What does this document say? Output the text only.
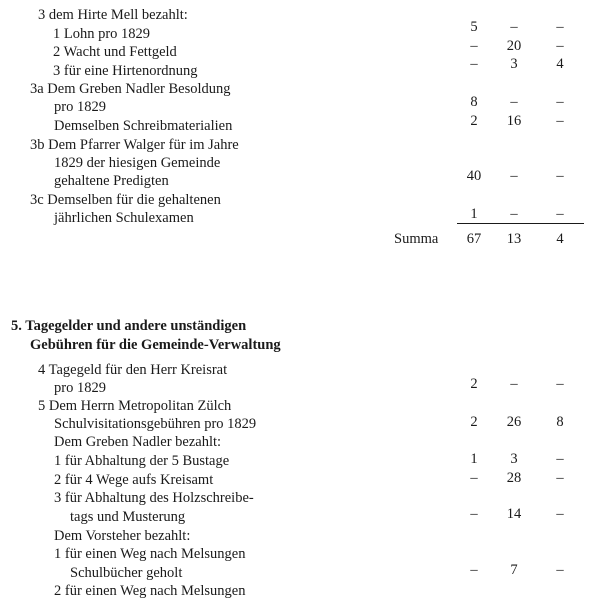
3 dem Hirte Mell bezahlt:
1 Lohn pro 1829	5	–	–
2 Wacht und Fettgeld	–	20	–
3 für eine Hirtenordnung	–	3	4
3a Dem Greben Nadler Besoldung
pro 1829	8	–	–
Demselben Schreibmaterialien	2	16	–
3b Dem Pfarrer Walger für im Jahre
1829 der hiesigen Gemeinde
gehaltene Predigten	40	–	–
3c Demselben für die gehaltenen
jährlichen Schulexamen	1	–	–
Summa	67	13	4
5. Tagegelder und andere unständigen
Gebühren für die Gemeinde-Verwaltung
4 Tagegeld für den Herr Kreisrat
pro 1829	2	–	–
5 Dem Herrn Metropolitan Zülch
Schulvisitationsgebühren pro 1829	2	26	8
Dem Greben Nadler bezahlt:
1 für Abhaltung der 5 Bustage	1	3	–
2 für 4 Wege aufs Kreisamt	–	28	–
3 für Abhaltung des Holzschreibe-
tags und Musterung	–	14	–
Dem Vorsteher bezahlt:
1 für einen Weg nach Melsungen
Schulbücher geholt	–	7	–
2 für einen Weg nach Melsungen
